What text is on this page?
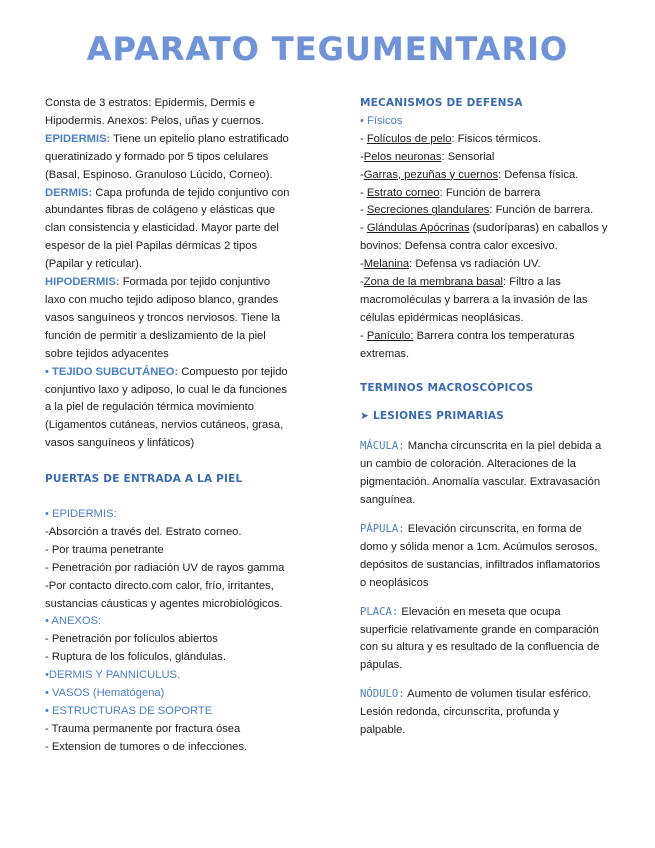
APARATO TEGUMENTARIO
Consta de 3 estratos: Epidermis, Dermis e
Hipodermis. Anexos: Pelos, uñas y cuernos.
EPIDERMIS: Tiene un epitelio plano estratificado
queratinizado y formado por 5 tipos celulares
(Basal, Espinoso. Granuloso Lúcido, Corneo).
DERMIS: Capa profunda de tejido conjuntivo con
abundantes fibras de colágeno y elásticas que
clan consistencia y elasticidad. Mayor parte del
espesor de la piel Papilas dérmicas 2 tipos
(Papilar y reticular).
HIPODERMIS: Formada por tejido conjuntivo
laxo con mucho tejido adiposo blanco, grandes
vasos sanguíneos y troncos nerviosos. Tiene la
función de permitir a deslizamiento de la piel
sobre tejidos adyacentes
• TEJIDO SUBCUTÁNEO: Compuesto por tejido
conjuntivo laxo y adiposo, lo cual le da funciones
a la piel de regulación térmica movimiento
(Ligamentos cutáneas, nervios cutáneos, grasa,
vasos sanguíneos y linfáticos)
PUERTAS DE ENTRADA A LA PIEL
• EPIDERMIS:
-Absorción a través del. Estrato corneo.
- Por trauma penetrante
- Penetración por radiación UV de rayos gamma
-Por contacto directo.com calor, frío, irritantes,
sustancias cáusticas y agentes microbiológicos.
• ANEXOS:
- Penetración por folículos abiertos
- Ruptura de los folículos, glándulas.
•DERMIS Y PANNICULUS.
• VASOS (Hematógena)
• ESTRUCTURAS DE SOPORTE
- Trauma permanente por fractura ósea
- Extension de tumores o de infecciones.
MECANISMOS DE DEFENSA
• Físicos
- Folículos de pelo: Fisicos térmicos.
-Pelos neuronas: Sensorial
-Garras, pezuñas y cuernos: Defensa física.
- Estrato corneo: Función de barrera
- Secreciones glandulares: Función de barrera.
- Glándulas Apócrinas (sudoríparas) en caballos y
bovinos: Defensa contra calor excesivo.
-Melanina: Defensa vs radiación UV.
-Zona de la membrana basal: Filtro a las
macromoléculas y barrera a la invasión de las
células epidérmicas neoplásicas.
- Panículo: Barrera contra los temperaturas
extremas.
TERMINOS MACROSCÓPICOS
➤ LESIONES PRIMARIAS
MÁCULA: Mancha circunscrita en la piel debida a
un cambio de coloración. Alteraciones de la
pigmentación. Anomalía vascular. Extravasación
sanguínea.
PÁPULA: Elevación circunscrita, en forma de
domo y sólida menor a 1cm. Acúmulos serosos,
depósitos de sustancias, infiltrados inflamatorios
o neoplásicos
PLACA: Elevación en meseta que ocupa
superficie relativamente grande en comparación
con su altura y es resultado de la confluencia de
pápulas.
NÓDULO: Aumento de volumen tisular esférico.
Lesión redonda, circunscrita, profunda y
palpable.
